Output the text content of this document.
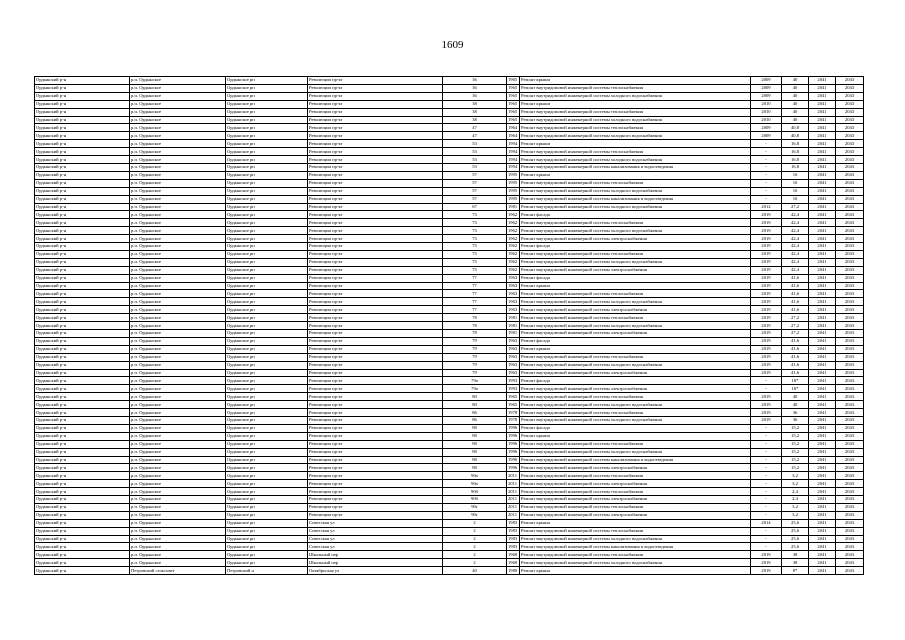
1609
Ордынский р-н	р.п. Ордынское	Ордынское рп	Революции пр-кт	36	1965	Ремонт крыши	2009	40	2041	2043
Ордынский р-н	р.п. Ордынское	Ордынское рп	Революции пр-кт	36	1965	Ремонт внутридомовой инженерной системы теплоснабжения	2009	40	2041	2043
Ордынский р-н	р.п. Ордынское	Ордынское рп	Революции пр-кт	36	1965	Ремонт внутридомовой инженерной системы холодного водоснабжения	2009	40	2041	2043
Ордынский р-н	р.п. Ордынское	Ордынское рп	Революции пр-кт	38	1965	Ремонт крыши	2010	40	2041	2043
Ордынский р-н	р.п. Ордынское	Ордынское рп	Революции пр-кт	38	1965	Ремонт внутридомовой инженерной системы теплоснабжения	2010	40	2041	2043
Ордынский р-н	р.п. Ордынское	Ордынское рп	Революции пр-кт	38	1965	Ремонт внутридомовой инженерной системы холодного водоснабжения	2010	40	2041	2043
Ордынский р-н	р.п. Ордынское	Ордынское рп	Революции пр-кт	47	1964	Ремонт внутридомовой инженерной системы теплоснабжения	2009	40,8	2041	2043
Ордынский р-н	р.п. Ордынское	Ордынское рп	Революции пр-кт	47	1964	Ремонт внутридомовой инженерной системы холодного водоснабжения	2009	40,8	2041	2043
Ордынский р-н	р.п. Ордынское	Ордынское рп	Революции пр-кт	53	1994	Ремонт крыши	-	16,8	2041	2043
Ордынский р-н	р.п. Ордынское	Ордынское рп	Революции пр-кт	53	1994	Ремонт внутридомовой инженерной системы теплоснабжения	-	16,8	2041	2043
Ордынский р-н	р.п. Ордынское	Ордынское рп	Революции пр-кт	53	1994	Ремонт внутридомовой инженерной системы холодного водоснабжения	-	16,8	2041	2043
Ордынский р-н	р.п. Ордынское	Ордынское рп	Революции пр-кт	53	1994	Ремонт внутридомовой инженерной системы канализования и водоотведения	-	16,8	2041	2043
Ордынский р-н	р.п. Ордынское	Ордынское рп	Революции пр-кт	57	1995	Ремонт крыши	-	16	2041	2043
Ордынский р-н	р.п. Ордынское	Ордынское рп	Революции пр-кт	57	1995	Ремонт внутридомовой инженерной системы теплоснабжения	-	16	2041	2043
Ордынский р-н	р.п. Ордынское	Ордынское рп	Революции пр-кт	57	1995	Ремонт внутридомовой инженерной системы холодного водоснабжения	-	16	2041	2043
Ордынский р-н	р.п. Ордынское	Ордынское рп	Революции пр-кт	57	1995	Ремонт внутридомовой инженерной системы канализования и водоотведения	-	16	2041	2043
Ордынский р-н	р.п. Ордынское	Ордынское рп	Революции пр-кт	67	1981	Ремонт внутридомовой инженерной системы холодного водоснабжения	2012	27,2	2041	2043
Ордынский р-н	р.п. Ордынское	Ордынское рп	Революции пр-кт	73	1962	Ремонт фасада	2019	42,4	2041	2043
Ордынский р-н	р.п. Ордынское	Ордынское рп	Революции пр-кт	73	1962	Ремонт внутридомовой инженерной системы теплоснабжения	2019	42,4	2041	2043
Ордынский р-н	р.п. Ордынское	Ордынское рп	Революции пр-кт	73	1962	Ремонт внутридомовой инженерной системы холодного водоснабжения	2019	42,4	2041	2043
Ордынский р-н	р.п. Ордынское	Ордынское рп	Революции пр-кт	73	1962	Ремонт внутридомовой инженерной системы электроснабжения	2019	42,4	2041	2043
Ордынский р-н	р.п. Ордынское	Ордынское рп	Революции пр-кт	75	1962	Ремонт фасада	2019	42,4	2041	2043
Ордынский р-н	р.п. Ордынское	Ордынское рп	Революции пр-кт	75	1962	Ремонт внутридомовой инженерной системы теплоснабжения	2019	42,4	2041	2043
Ордынский р-н	р.п. Ордынское	Ордынское рп	Революции пр-кт	75	1962	Ремонт внутридомовой инженерной системы холодного водоснабжения	2019	42,4	2041	2043
Ордынский р-н	р.п. Ордынское	Ордынское рп	Революции пр-кт	75	1962	Ремонт внутридомовой инженерной системы электроснабжения	2019	42,4	2041	2043
Ордынский р-н	р.п. Ордынское	Ордынское рп	Революции пр-кт	77	1963	Ремонт фасада	2019	41,6	2041	2043
Ордынский р-н	р.п. Ордынское	Ордынское рп	Революции пр-кт	77	1963	Ремонт крыши	2019	41,6	2041	2043
Ордынский р-н	р.п. Ордынское	Ордынское рп	Революции пр-кт	77	1963	Ремонт внутридомовой инженерной системы теплоснабжения	2019	41,6	2041	2043
Ордынский р-н	р.п. Ордынское	Ордынское рп	Революции пр-кт	77	1963	Ремонт внутридомовой инженерной системы холодного водоснабжения	2019	41,6	2041	2043
Ордынский р-н	р.п. Ордынское	Ордынское рп	Революции пр-кт	77	1963	Ремонт внутридомовой инженерной системы электроснабжения	2019	41,6	2041	2043
Ордынский р-н	р.п. Ордынское	Ордынское рп	Революции пр-кт	78	1981	Ремонт внутридомовой инженерной системы теплоснабжения	2019	27,2	2041	2043
Ордынский р-н	р.п. Ордынское	Ордынское рп	Революции пр-кт	78	1981	Ремонт внутридомовой инженерной системы холодного водоснабжения	2019	27,2	2041	2043
Ордынский р-н	р.п. Ордынское	Ордынское рп	Революции пр-кт	78	1981	Ремонт внутридомовой инженерной системы электроснабжения	2019	27,2	2041	2043
Ордынский р-н	р.п. Ордынское	Ордынское рп	Революции пр-кт	79	1963	Ремонт фасада	2019	41,6	2041	2043
Ордынский р-н	р.п. Ордынское	Ордынское рп	Революции пр-кт	79	1963	Ремонт крыши	2019	41,6	2041	2043
Ордынский р-н	р.п. Ордынское	Ордынское рп	Революции пр-кт	79	1963	Ремонт внутридомовой инженерной системы теплоснабжения	2019	41,6	2041	2043
Ордынский р-н	р.п. Ордынское	Ордынское рп	Революции пр-кт	79	1963	Ремонт внутридомовой инженерной системы холодного водоснабжения	2019	41,6	2041	2043
Ордынский р-н	р.п. Ордынское	Ордынское рп	Революции пр-кт	79	1963	Ремонт внутридомовой инженерной системы электроснабжения	2019	41,6	2041	2043
Ордынский р-н	р.п. Ордынское	Ордынское рп	Революции пр-кт	79а	1993	Ремонт фасада	-	18*	2041	2043
Ордынский р-н	р.п. Ордынское	Ордынское рп	Революции пр-кт	79а	1993	Ремонт внутридомовой инженерной системы электроснабжения	-	18*	2041	2043
Ордынский р-н	р.п. Ордынское	Ордынское рп	Революции пр-кт	80	1965	Ремонт внутридомовой инженерной системы теплоснабжения	2019	40	2041	2043
Ордынский р-н	р.п. Ордынское	Ордынское рп	Революции пр-кт	80	1965	Ремонт внутридомовой инженерной системы холодного водоснабжения	2019	40	2041	2043
Ордынский р-н	р.п. Ордынское	Ордынское рп	Революции пр-кт	86	1978	Ремонт внутридомовой инженерной системы теплоснабжения	2019	36	2041	2043
Ордынский р-н	р.п. Ордынское	Ордынское рп	Революции пр-кт	86	1978	Ремонт внутридомовой инженерной системы холодного водоснабжения	2019	36	2041	2043
Ордынский р-н	р.п. Ордынское	Ордынское рп	Революции пр-кт	88	1996	Ремонт фасада	-	15,2	2041	2043
Ордынский р-н	р.п. Ордынское	Ордынское рп	Революции пр-кт	88	1996	Ремонт крыши	-	15,2	2041	2043
Ордынский р-н	р.п. Ордынское	Ордынское рп	Революции пр-кт	88	1996	Ремонт внутридомовой инженерной системы теплоснабжения	-	15,2	2041	2043
Ордынский р-н	р.п. Ордынское	Ордынское рп	Революции пр-кт	88	1996	Ремонт внутридомовой инженерной системы холодного водоснабжения	-	15,2	2041	2043
Ордынский р-н	р.п. Ордынское	Ордынское рп	Революции пр-кт	88	1996	Ремонт внутридомовой инженерной системы канализования и водоотведения	-	15,2	2041	2043
Ордынский р-н	р.п. Ордынское	Ордынское рп	Революции пр-кт	88	1996	Ремонт внутридомовой инженерной системы электроснабжения	-	15,2	2041	2043
Ордынский р-н	р.п. Ордынское	Ордынское рп	Революции пр-кт	90а	2011	Ремонт внутридомовой инженерной системы теплоснабжения	-	3,2	2041	2043
Ордынский р-н	р.п. Ордынское	Ордынское рп	Революции пр-кт	90а	2011	Ремонт внутридомовой инженерной системы электроснабжения	-	3,2	2041	2043
Ордынский р-н	р.п. Ордынское	Ордынское рп	Революции пр-кт	90б	2011	Ремонт внутридомовой инженерной системы теплоснабжения	-	2,4	2041	2043
Ордынский р-н	р.п. Ордынское	Ордынское рп	Революции пр-кт	90б	2011	Ремонт внутридомовой инженерной системы электроснабжения	-	2,4	2041	2043
Ордынский р-н	р.п. Ордынское	Ордынское рп	Революции пр-кт	90г	2011	Ремонт внутридомовой инженерной системы теплоснабжения	-	3,2	2041	2043
Ордынский р-н	р.п. Ордынское	Ордынское рп	Революции пр-кт	90г	2011	Ремонт внутридомовой инженерной системы электроснабжения	-	3,2	2041	2043
Ордынский р-н	р.п. Ордынское	Ордынское рп	Советская ул	2	1983	Ремонт крыши	2014	25,6	2041	2043
Ордынский р-н	р.п. Ордынское	Ордынское рп	Советская ул	2	1983	Ремонт внутридомовой инженерной системы теплоснабжения	-	25,6	2041	2043
Ордынский р-н	р.п. Ордынское	Ордынское рп	Советская ул	2	1983	Ремонт внутридомовой инженерной системы холодного водоснабжения	-	25,6	2041	2043
Ордынский р-н	р.п. Ордынское	Ордынское рп	Советская ул	2	1983	Ремонт внутридомовой инженерной системы канализования и водоотведения	-	25,6	2041	2043
Ордынский р-н	р.п. Ордынское	Ордынское рп	Школьный пер	2	1968	Ремонт внутридомовой инженерной системы теплоснабжения	2019	38	2041	2043
Ордынский р-н	р.п. Ордынское	Ордынское рп	Школьный пер	2	1968	Ремонт внутридомовой инженерной системы холодного водоснабжения	2019	38	2041	2043
Ордынский р-н	Петровский сельсовет	Петровский п	Октябрьская ул	40	1980	Ремонт крыши	2019	8*	2041	2043
